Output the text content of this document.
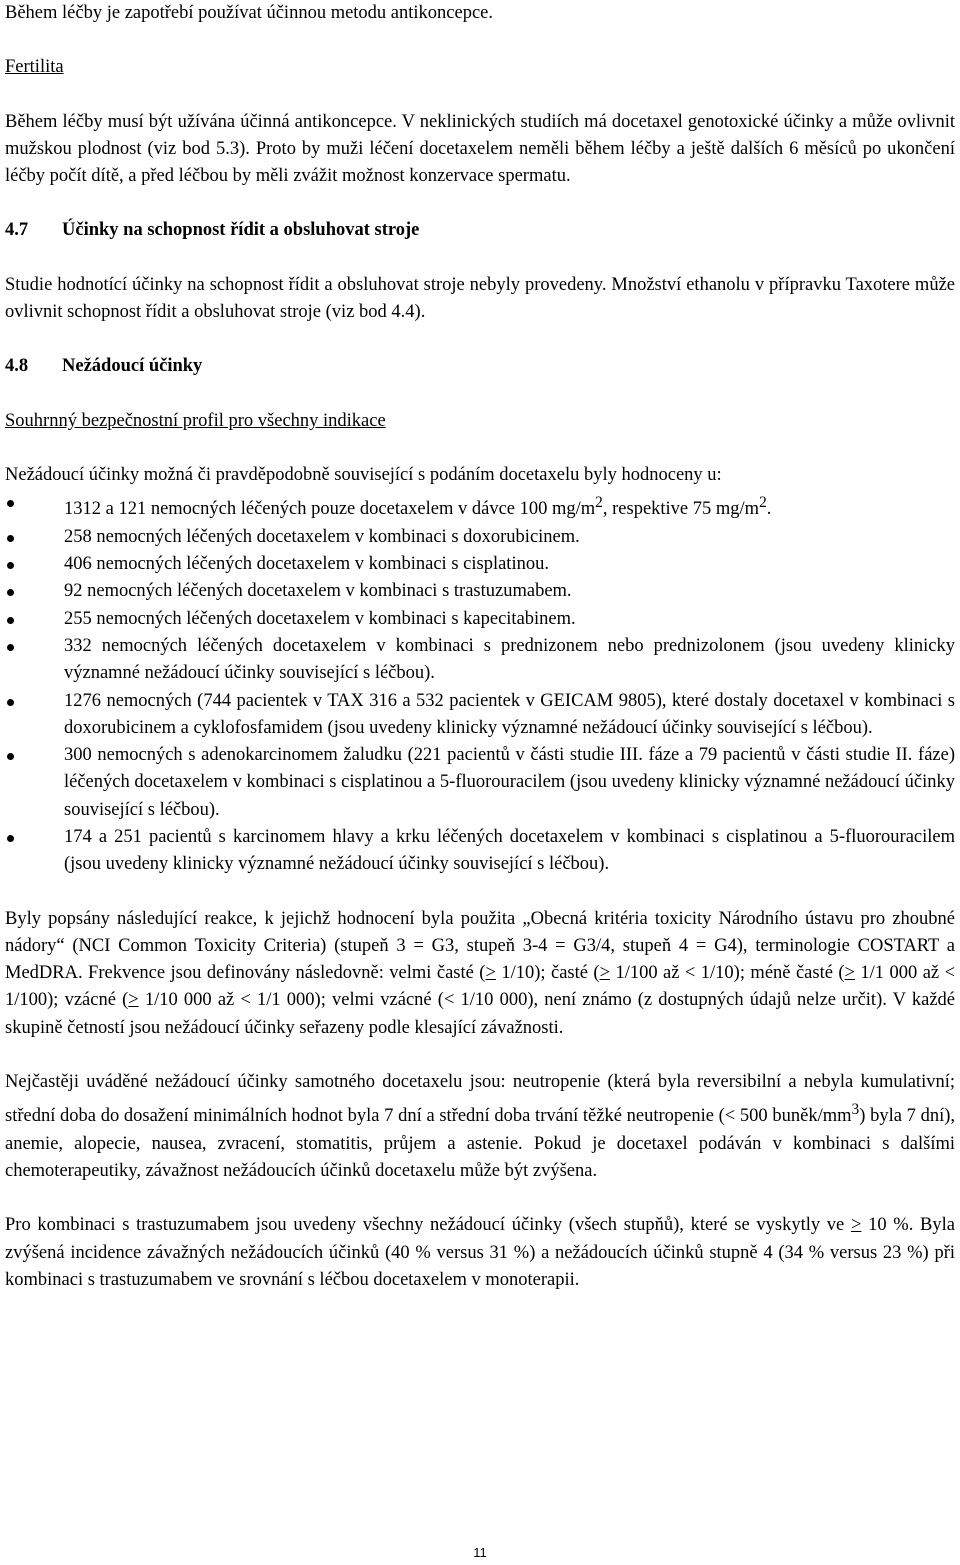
Během léčby je zapotřebí používat účinnou metodu antikoncepce.

Fertilita

Během léčby musí být užívána účinná antikoncepce. V neklinických studiích má docetaxel genotoxické účinky a může ovlivnit mužskou plodnost (viz bod 5.3). Proto by muži léčení docetaxelem neměli během léčby a ještě dalších 6 měsíců po ukončení léčby počít dítě, a před léčbou by měli zvážit možnost konzervace spermatu.

4.7 Účinky na schopnost řídit a obsluhovat stroje

Studie hodnotící účinky na schopnost řídit a obsluhovat stroje nebyly provedeny. Množství ethanolu v přípravku Taxotere může ovlivnit schopnost řídit a obsluhovat stroje (viz bod 4.4).

4.8 Nežádoucí účinky

Souhrnný bezpečnostní profil pro všechny indikace

Nežádoucí účinky možná či pravděpodobně související s podáním docetaxelu byly hodnoceny u:

1312 a 121 nemocných léčených pouze docetaxelem v dávce 100 $mg/m^2$, respektive 75 $mg/m^2$.
258 nemocných léčených docetaxelem v kombinaci s doxorubicinem.
406 nemocných léčených docetaxelem v kombinaci s cisplatinou.
92 nemocných léčených docetaxelem v kombinaci s trastuzumabem.
255 nemocných léčených docetaxelem v kombinaci s kapecitabinem.
332 nemocných léčených docetaxelem v kombinaci s prednizonem nebo prednizolonem (jsou uvedeny klinicky významné nežádoucí účinky související s léčbou).
1276 nemocných (744 pacientek v TAX 316 a 532 pacientek v GEICAM 9805), které dostaly docetaxel v kombinaci s doxorubicinem a cyklofosfamidem (jsou uvedeny klinicky významné nežádoucí účinky související s léčbou).
300 nemocných s adenokarcinomem žaludku (221 pacientů v části studie III. fáze a 79 pacientů v části studie II. fáze) léčených docetaxelem v kombinaci s cisplatinou a 5-fluorouracilem (jsou uvedeny klinicky významné nežádoucí účinky související s léčbou).
174 a 251 pacientů s karcinomem hlavy a krku léčených docetaxelem v kombinaci s cisplatinou a 5-fluorouracilem (jsou uvedeny klinicky významné nežádoucí účinky související s léčbou).

Byly popsány následující reakce, k jejichž hodnocení byla použita „Obecná kritéria toxicity Národního ústavu pro zhoubné nádory“ (NCI Common Toxicity Criteria) (stupeň 3 = G3, stupeň 3-4 = G3/4, stupeň 4 = G4), terminologie COSTART a MedDRA. Frekvence jsou definovány následovně: velmi časté (≥ 1/10); časté (≥ 1/100 až < 1/10); méně časté (≥ 1/1 000 až < 1/100); vzácné (≥ 1/10 000 až < 1/1 000); velmi vzácné (< 1/10 000), není známo (z dostupných údajů nelze určit). V každé skupině četností jsou nežádoucí účinky seřazeny podle klesající závažnosti.

Nejčastěji uváděné nežádoucí účinky samotného docetaxelu jsou: neutropenie (která byla reversibilní a nebyla kumulativní; střední doba do dosažení minimálních hodnot byla 7 dní a střední doba trvání těžké neutropenie (< 500 buněk/$mm^3$) byla 7 dní), anemie, alopecie, nausea, zvracení, stomatitis, průjem a astenie. Pokud je docetaxel podáván v kombinaci s dalšími chemoterapeutiky, závažnost nežádoucích účinků docetaxelu může být zvýšena.

Pro kombinaci s trastuzumabem jsou uvedeny všechny nežádoucí účinky (všech stupňů), které se vyskytly ve ≥ 10 %. Byla zvýšená incidence závažných nežádoucích účinků (40 % versus 31 %) a nežádoucích účinků stupně 4 (34 % versus 23 %) při kombinaci s trastuzumabem ve srovnání s léčbou docetaxelem v monoterapii.

11
